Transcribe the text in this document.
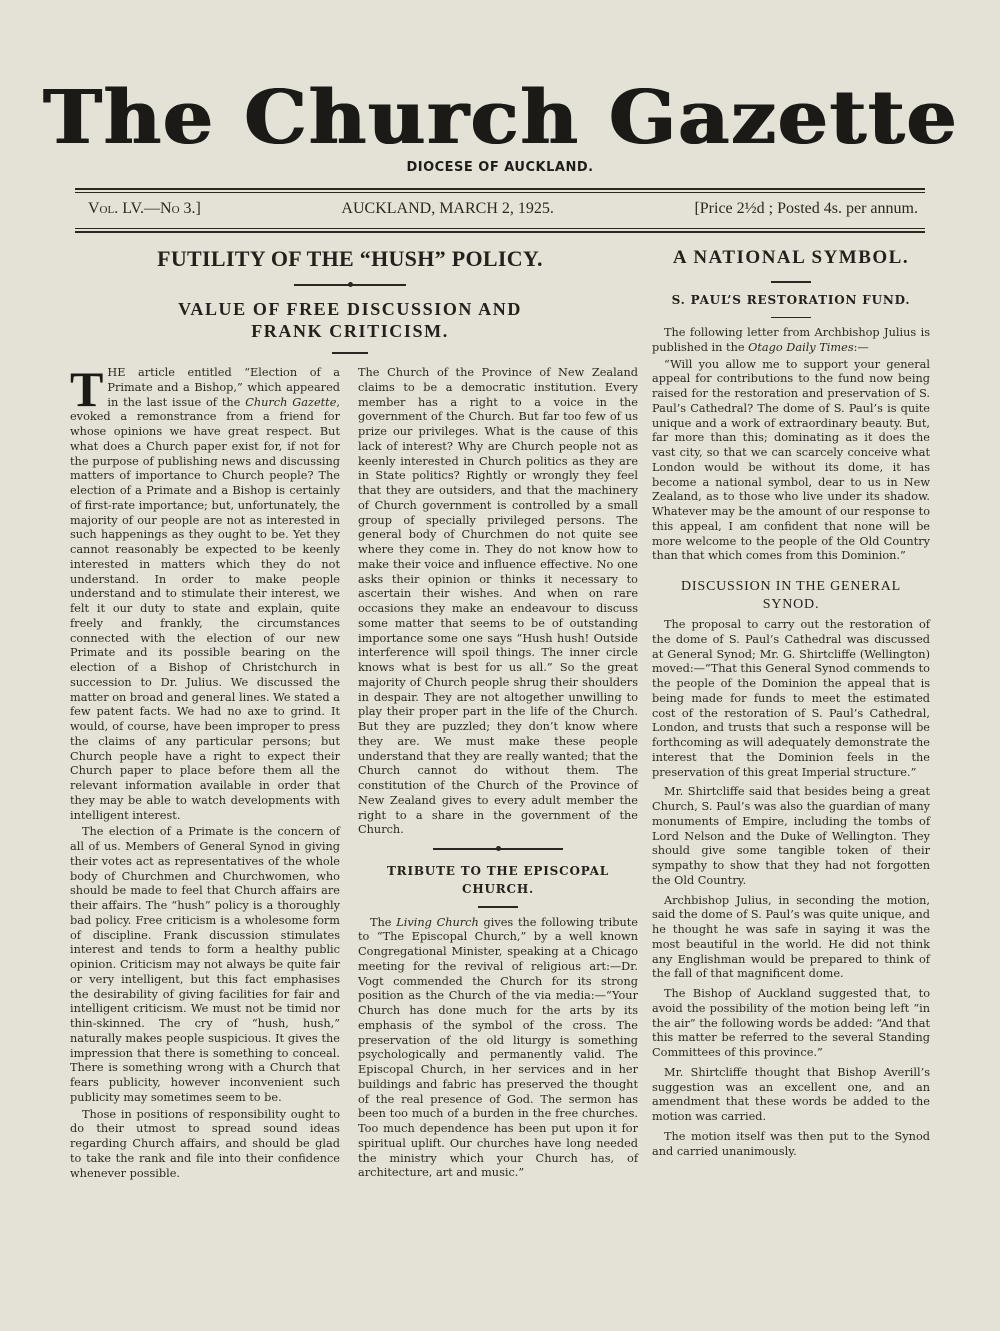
The Church Gazette
DIOCESE OF AUCKLAND.
Vol. LV.—No 3.]	AUCKLAND, MARCH 2, 1925.	[Price 2½d ; Posted 4s. per annum.
FUTILITY OF THE “HUSH” POLICY.
VALUE OF FREE DISCUSSION AND FRANK CRITICISM.

THE article entitled “Election of a Primate and a Bishop,” which appeared in the last issue of the Church Gazette, evoked a remonstrance from a friend for whose opinions we have great respect. But what does a Church paper exist for, if not for the purpose of publishing news and discussing matters of importance to Church people? The election of a Primate and a Bishop is certainly of first-rate importance; but, unfortunately, the majority of our people are not as interested in such happenings as they ought to be. Yet they cannot reasonably be expected to be keenly interested in matters which they do not understand. In order to make people understand and to stimulate their interest, we felt it our duty to state and explain, quite freely and frankly, the circumstances connected with the election of our new Primate and its possible bearing on the election of a Bishop of Christchurch in succession to Dr. Julius. We discussed the matter on broad and general lines. We stated a few patent facts. We had no axe to grind. It would, of course, have been improper to press the claims of any particular persons; but Church people have a right to expect their Church paper to place before them all the relevant information available in order that they may be able to watch developments with intelligent interest.

The election of a Primate is the concern of all of us. Members of General Synod in giving their votes act as representatives of the whole body of Churchmen and Churchwomen, who should be made to feel that Church affairs are their affairs. The “hush” policy is a thoroughly bad policy. Free criticism is a wholesome form of discipline. Frank discussion stimulates interest and tends to form a healthy public opinion. Criticism may not always be quite fair or very intelligent, but this fact emphasises the desirability of giving facilities for fair and intelligent criticism. We must not be timid nor thin-skinned. The cry of “hush, hush,” naturally makes people suspicious. It gives the impression that there is something to conceal. There is something wrong with a Church that fears publicity, however inconvenient such publicity may sometimes seem to be.

Those in positions of responsibility ought to do their utmost to spread sound ideas regarding Church affairs, and should be glad to take the rank and file into their confidence whenever possible.

The Church of the Province of New Zealand claims to be a democratic institution. Every member has a right to a voice in the government of the Church. But far too few of us prize our privileges. What is the cause of this lack of interest? Why are Church people not as keenly interested in Church politics as they are in State politics? Rightly or wrongly they feel that they are outsiders, and that the machinery of Church government is controlled by a small group of specially privileged persons. The general body of Churchmen do not quite see where they come in. They do not know how to make their voice and influence effective. No one asks their opinion or thinks it necessary to ascertain their wishes. And when on rare occasions they make an endeavour to discuss some matter that seems to be of outstanding importance some one says “Hush hush! Outside interference will spoil things. The inner circle knows what is best for us all.” So the great majority of Church people shrug their shoulders in despair. They are not altogether unwilling to play their proper part in the life of the Church. But they are puzzled; they don’t know where they are. We must make these people understand that they are really wanted; that the Church cannot do without them. The constitution of the Church of the Province of New Zealand gives to every adult member the right to a share in the government of the Church.

TRIBUTE TO THE EPISCOPAL CHURCH.

The Living Church gives the following tribute to “The Episcopal Church,” by a well known Congregational Minister, speaking at a Chicago meeting for the revival of religious art:—Dr. Vogt commended the Church for its strong position as the Church of the via media:—“Your Church has done much for the arts by its emphasis of the symbol of the cross. The preservation of the old liturgy is something psychologically and permanently valid. The Episcopal Church, in her services and in her buildings and fabric has preserved the thought of the real presence of God. The sermon has been too much of a burden in the free churches. Too much dependence has been put upon it for spiritual uplift. Our churches have long needed the ministry which your Church has, of architecture, art and music.”

A NATIONAL SYMBOL.
S. PAUL’S RESTORATION FUND.

The following letter from Archbishop Julius is published in the Otago Daily Times:—

“Will you allow me to support your general appeal for contributions to the fund now being raised for the restoration and preservation of S. Paul’s Cathedral? The dome of S. Paul’s is quite unique and a work of extraordinary beauty. But, far more than this; dominating as it does the vast city, so that we can scarcely conceive what London would be without its dome, it has become a national symbol, dear to us in New Zealand, as to those who live under its shadow. Whatever may be the amount of our response to this appeal, I am confident that none will be more welcome to the people of the Old Country than that which comes from this Dominion.”

DISCUSSION IN THE GENERAL SYNOD.

The proposal to carry out the restoration of the dome of S. Paul’s Cathedral was discussed at General Synod; Mr. G. Shirtcliffe (Wellington) moved:—“That this General Synod commends to the people of the Dominion the appeal that is being made for funds to meet the estimated cost of the restoration of S. Paul’s Cathedral, London, and trusts that such a response will be forthcoming as will adequately demonstrate the interest that the Dominion feels in the preservation of this great Imperial structure.”

Mr. Shirtcliffe said that besides being a great Church, S. Paul’s was also the guardian of many monuments of Empire, including the tombs of Lord Nelson and the Duke of Wellington. They should give some tangible token of their sympathy to show that they had not forgotten the Old Country.

Archbishop Julius, in seconding the motion, said the dome of S. Paul’s was quite unique, and he thought he was safe in saying it was the most beautiful in the world. He did not think any Englishman would be prepared to think of the fall of that magnificent dome.

The Bishop of Auckland suggested that, to avoid the possibility of the motion being left “in the air” the following words be added: “And that this matter be referred to the several Standing Committees of this province.”

Mr. Shirtcliffe thought that Bishop Averill’s suggestion was an excellent one, and an amendment that these words be added to the motion was carried.

The motion itself was then put to the Synod and carried unanimously.
